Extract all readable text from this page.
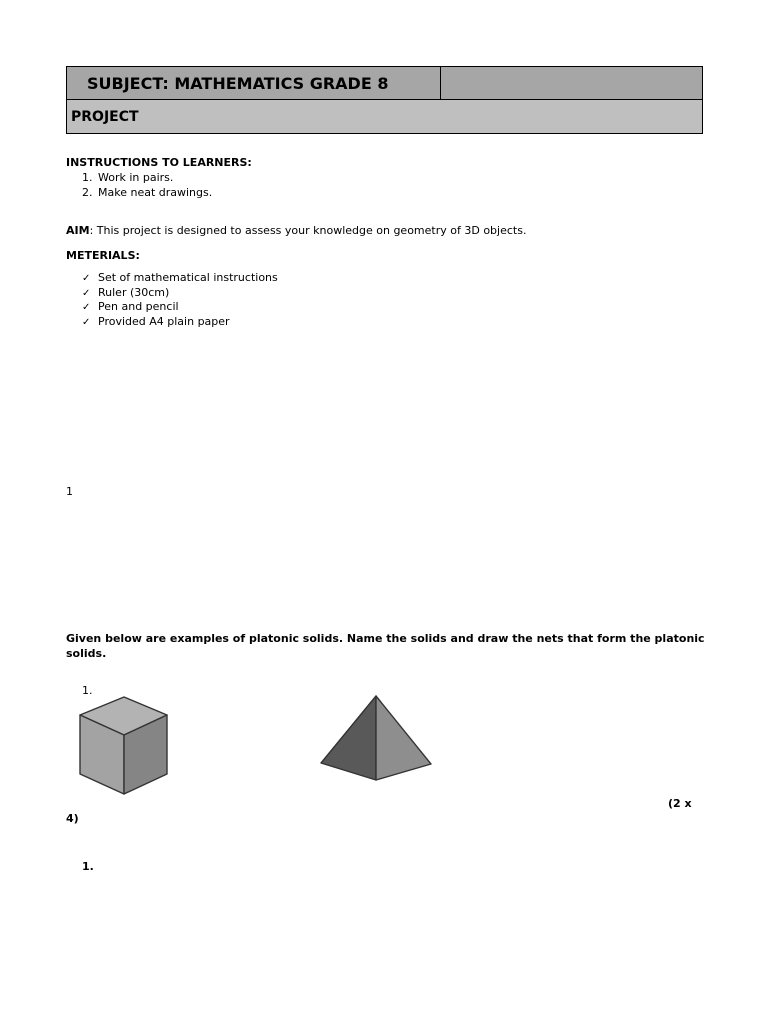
SUBJECT: MATHEMATICS GRADE 8	
PROJECT
INSTRUCTIONS TO LEARNERS:
1. Work in pairs.
2. Make neat drawings.
AIM: This project is designed to assess your knowledge on geometry of 3D objects.
METERIALS:
✓ Set of mathematical instructions
✓ Ruler (30cm)
✓ Pen and pencil
✓ Provided A4 plain paper
1
Given below are examples of platonic solids. Name the solids and draw the nets that form the platonic solids.
1.
(2 x
4)
1.
